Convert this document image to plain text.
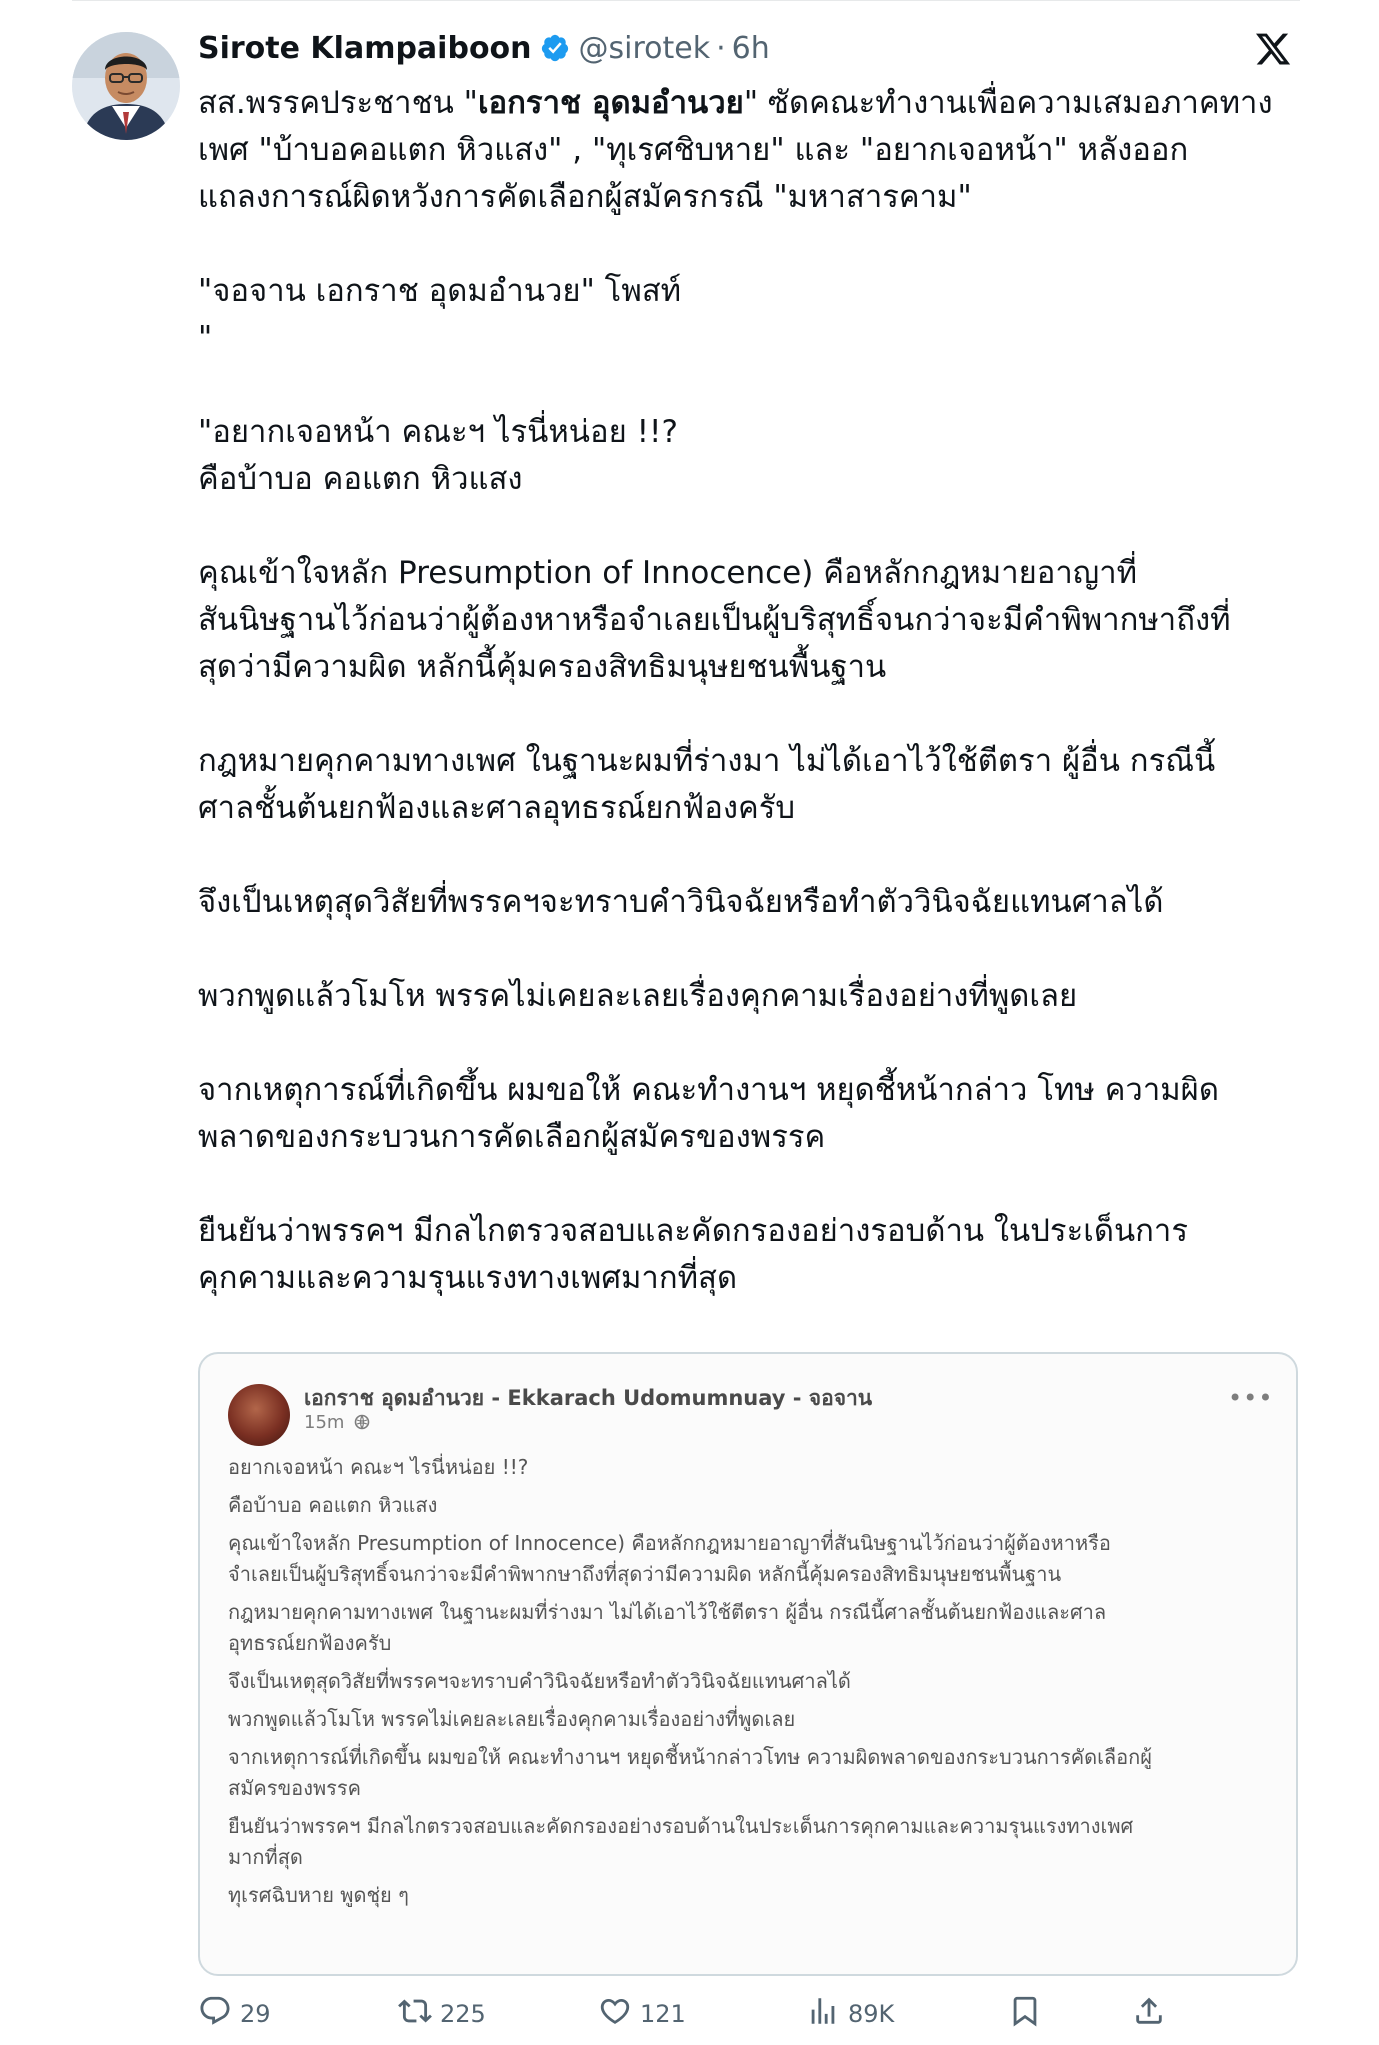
Sirote Klampaiboon @sirotek · 6h

สส.พรรคประชาชน "เอกราช อุดมอำนวย" ซัดคณะทำงานเพื่อความเสมอภาคทาง

เพศ "บ้าบอคอแตก หิวแสง" , "ทุเรศชิบหาย" และ "อยากเจอหน้า" หลังออก

แถลงการณ์ผิดหวังการคัดเลือกผู้สมัครกรณี "มหาสารคาม"

"จอจาน เอกราช อุดมอำนวย" โพสท์

"

"อยากเจอหน้า คณะฯ ไรนี่หน่อย !!?

คือบ้าบอ คอแตก หิวแสง

คุณเข้าใจหลัก Presumption of Innocence) คือหลักกฎหมายอาญาที่

สันนิษฐานไว้ก่อนว่าผู้ต้องหาหรือจำเลยเป็นผู้บริสุทธิ์จนกว่าจะมีคำพิพากษาถึงที่

สุดว่ามีความผิด หลักนี้คุ้มครองสิทธิมนุษยชนพื้นฐาน

กฎหมายคุกคามทางเพศ ในฐานะผมที่ร่างมา ไม่ได้เอาไว้ใช้ตีตรา ผู้อื่น กรณีนี้

ศาลชั้นต้นยกฟ้องและศาลอุทธรณ์ยกฟ้องครับ

จึงเป็นเหตุสุดวิสัยที่พรรคฯจะทราบคำวินิจฉัยหรือทำตัววินิจฉัยแทนศาลได้

พวกพูดแล้วโมโห พรรคไม่เคยละเลยเรื่องคุกคามเรื่องอย่างที่พูดเลย

จากเหตุการณ์ที่เกิดขึ้น ผมขอให้ คณะทำงานฯ หยุดชี้หน้ากล่าว โทษ ความผิด

พลาดของกระบวนการคัดเลือกผู้สมัครของพรรค

ยืนยันว่าพรรคฯ มีกลไกตรวจสอบและคัดกรองอย่างรอบด้าน ในประเด็นการ

คุกคามและความรุนแรงทางเพศมากที่สุด

เอกราช อุดมอำนวย - Ekkarach Udomumnuay - จอจาน
15m
•••

อยากเจอหน้า คณะฯ ไรนี่หน่อย !!?

คือบ้าบอ คอแตก หิวแสง

คุณเข้าใจหลัก Presumption of Innocence) คือหลักกฎหมายอาญาที่สันนิษฐานไว้ก่อนว่าผู้ต้องหาหรือ
จำเลยเป็นผู้บริสุทธิ์จนกว่าจะมีคำพิพากษาถึงที่สุดว่ามีความผิด หลักนี้คุ้มครองสิทธิมนุษยชนพื้นฐาน

กฎหมายคุกคามทางเพศ ในฐานะผมที่ร่างมา ไม่ได้เอาไว้ใช้ตีตรา ผู้อื่น กรณีนี้ศาลชั้นต้นยกฟ้องและศาล
อุทธรณ์ยกฟ้องครับ

จึงเป็นเหตุสุดวิสัยที่พรรคฯจะทราบคำวินิจฉัยหรือทำตัววินิจฉัยแทนศาลได้

พวกพูดแล้วโมโห พรรคไม่เคยละเลยเรื่องคุกคามเรื่องอย่างที่พูดเลย

จากเหตุการณ์ที่เกิดขึ้น ผมขอให้ คณะทำงานฯ หยุดชี้หน้ากล่าวโทษ ความผิดพลาดของกระบวนการคัดเลือกผู้
สมัครของพรรค

ยืนยันว่าพรรคฯ มีกลไกตรวจสอบและคัดกรองอย่างรอบด้านในประเด็นการคุกคามและความรุนแรงทางเพศ
มากที่สุด

ทุเรศฉิบหาย พูดชุ่ย ๆ

29	225	121	89K
